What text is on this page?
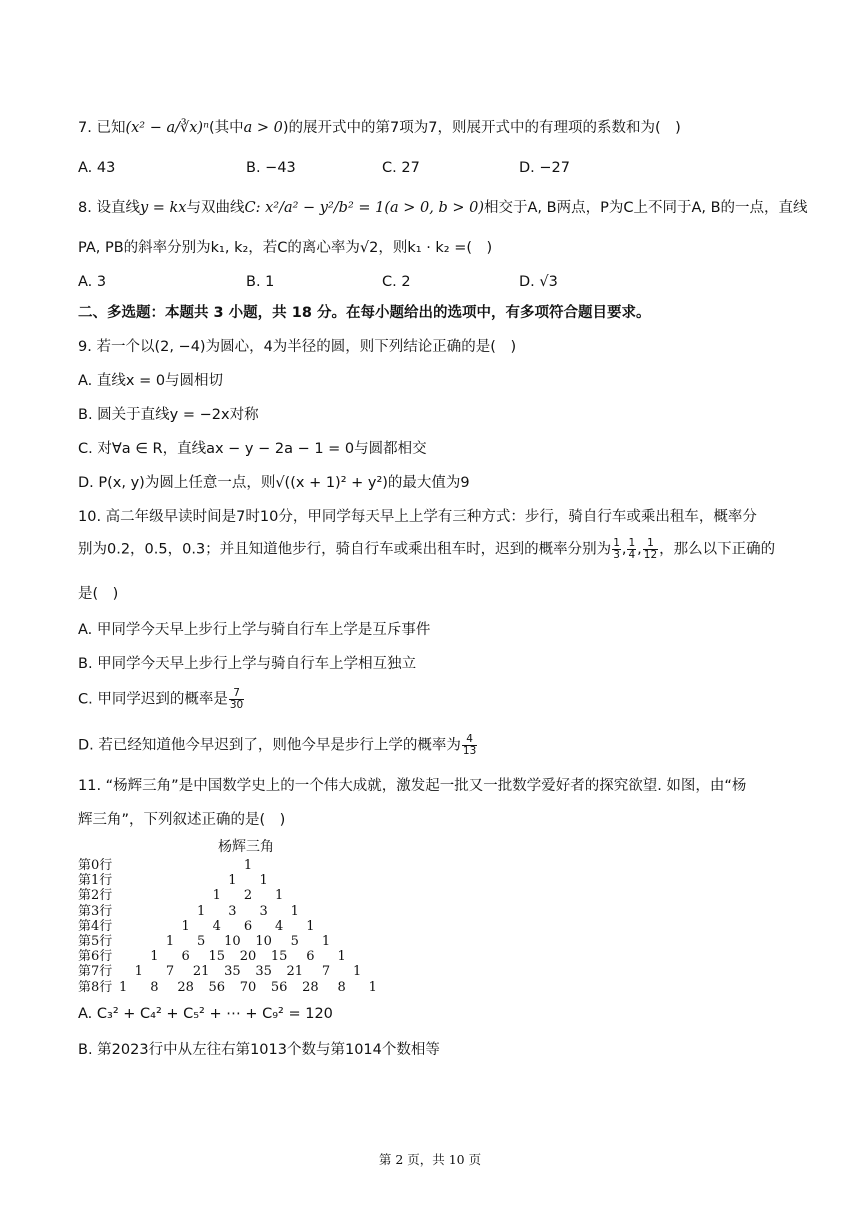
7. 已知(x² − a/∛x)ⁿ(其中a > 0)的展开式中的第7项为7，则展开式中的有理项的系数和为(　)
A. 43	B. −43	C. 27	D. −27
8. 设直线y = kx与双曲线C: x²/a² − y²/b² = 1(a > 0, b > 0)相交于A, B两点，P为C上不同于A, B的一点，直线
PA, PB的斜率分别为k₁, k₂，若C的离心率为√2，则k₁ · k₂ =(　)
A. 3	B. 1	C. 2	D. √3
二、多选题：本题共 3 小题，共 18 分。在每小题给出的选项中，有多项符合题目要求。
9. 若一个以(2, −4)为圆心，4为半径的圆，则下列结论正确的是(　)
A. 直线x = 0与圆相切
B. 圆关于直线y = −2x对称
C. 对∀a ∈ R，直线ax − y − 2a − 1 = 0与圆都相交
D. P(x, y)为圆上任意一点，则√((x + 1)² + y²)的最大值为9
10. 高二年级早读时间是7时10分，甲同学每天早上上学有三种方式：步行，骑自行车或乘出租车，概率分
别为0.2，0.5，0.3；并且知道他步行，骑自行车或乘出租车时，迟到的概率分别为 $\frac{1}{3}$ , $\frac{1}{4}$ , $\frac{1}{12}$ ，那么以下正确的
是(　)
A. 甲同学今天早上步行上学与骑自行车上学是互斥事件
B. 甲同学今天早上步行上学与骑自行车上学相互独立
C. 甲同学迟到的概率是 $\frac{7}{30}$
D. 若已经知道他今早迟到了，则他今早是步行上学的概率为 $\frac{4}{13}$
11. “杨辉三角”是中国数学史上的一个伟大成就，激发起一批又一批数学爱好者的探究欲望. 如图，由“杨
辉三角”，下列叙述正确的是(　)
杨辉三角
第0行	1
第1行	1 1
第2行	1 2 1
第3行	1 3 3 1
第4行	1 4 6 4 1
第5行	1 5 10 10 5 1
第6行	1 6 15 20 15 6 1
第7行 1 7 21 35 35 21 7 1
第8行 1 8 28 56 70 56 28 8 1
A. C₃² + C₄² + C₅² + ⋯ + C₉² = 120
B. 第2023行中从左往右第1013个数与第1014个数相等
第 2 页，共 10 页
